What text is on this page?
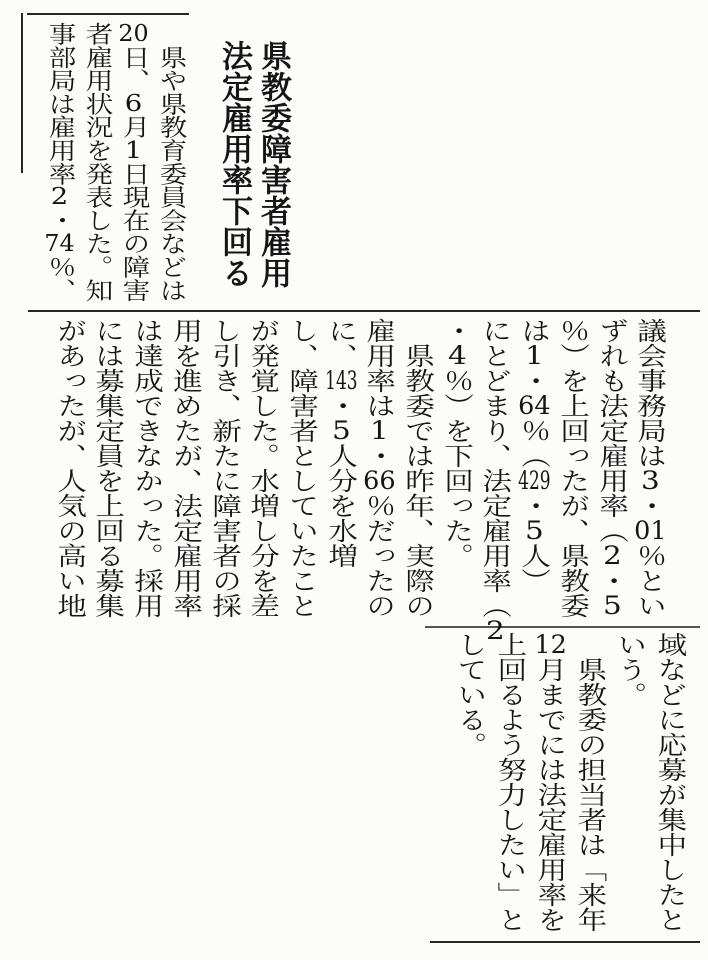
県教委障害者雇用
法定雇用率下回る
　県や県教育委員会などは
20日、6月1日現在の障害
者雇用状況を発表した。知
事部局は雇用率2・74％、
議会事務局は3・01％とい
ずれも法定雇用率（2・5
％）を上回ったが、県教委
は1・64％（429・5人）
にとどまり、法定雇用率（2
・4％）を下回った。
　県教委では昨年、実際の
雇用率は1・66％だったの
に、143・5人分を水増
し、障害者としていたこと
が発覚した。水増し分を差
し引き、新たに障害者の採
用を進めたが、法定雇用率
は達成できなかった。採用
には募集定員を上回る募集
があったが、人気の高い地
域などに応募が集中したと
いう。
　県教委の担当者は「来年
12月までには法定雇用率を
上回るよう努力したい」と
している。
